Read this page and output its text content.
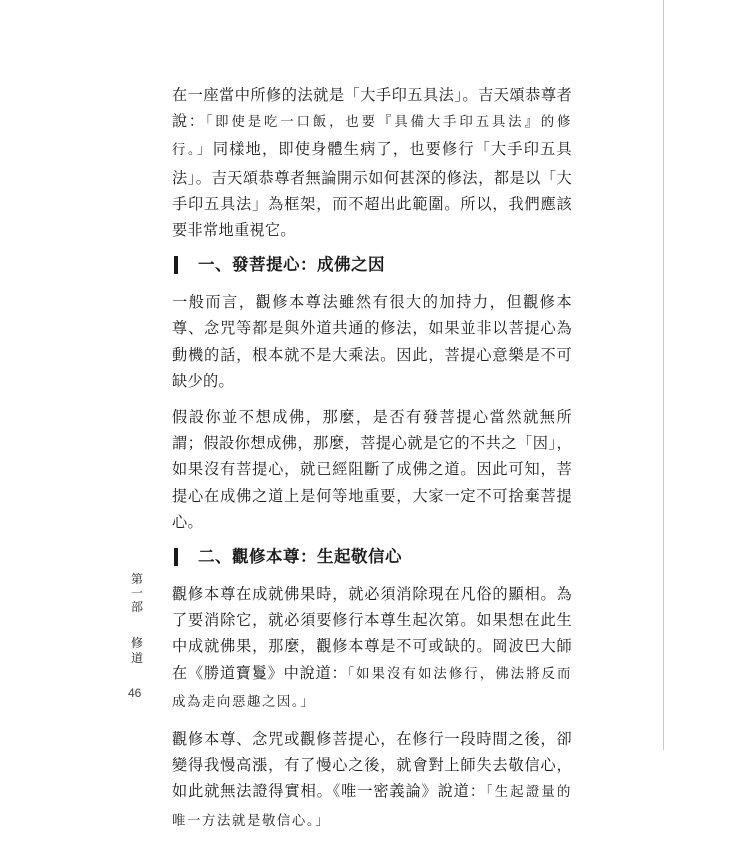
在一座當中所修的法就是「大手印五具法」。吉天頌恭尊者說：「即使是吃一口飯，也要『具備大手印五具法』的修行。」同樣地，即使身體生病了，也要修行「大手印五具法」。吉天頌恭尊者無論開示如何甚深的修法，都是以「大手印五具法」為框架，而不超出此範圍。所以，我們應該要非常地重視它。

一、發菩提心：成佛之因

一般而言，觀修本尊法雖然有很大的加持力，但觀修本尊、念咒等都是與外道共通的修法，如果並非以菩提心為動機的話，根本就不是大乘法。因此，菩提心意樂是不可缺少的。

假設你並不想成佛，那麼，是否有發菩提心當然就無所謂；假設你想成佛，那麼，菩提心就是它的不共之「因」，如果沒有菩提心，就已經阻斷了成佛之道。因此可知，菩提心在成佛之道上是何等地重要，大家一定不可捨棄菩提心。

二、觀修本尊：生起敬信心

觀修本尊在成就佛果時，就必須消除現在凡俗的顯相。為了要消除它，就必須要修行本尊生起次第。如果想在此生中成就佛果，那麼，觀修本尊是不可或缺的。岡波巴大師在《勝道寶鬘》中說道：「如果沒有如法修行，佛法將反而成為走向惡趣之因。」

觀修本尊、念咒或觀修菩提心，在修行一段時間之後，卻變得我慢高漲，有了慢心之後，就會對上師失去敬信心，如此就無法證得實相。《唯一密義論》說道：「生起證量的唯一方法就是敬信心。」

第
一
部
修
道
46
